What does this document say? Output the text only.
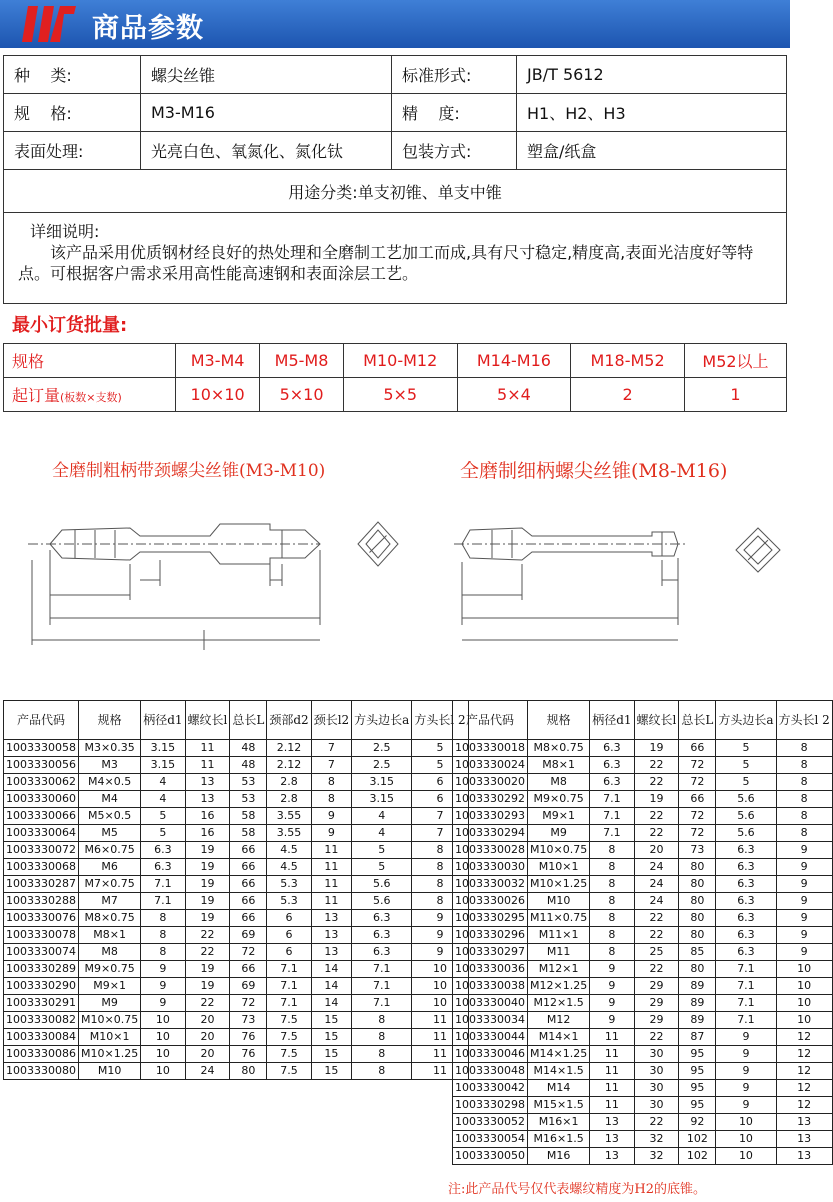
商品参数
种    类:	螺尖丝锥	标准形式:	JB/T 5612
规    格:	M3-M16	精    度:	H1、H2、H3
表面处理:	光亮白色、氧氮化、氮化钛	包装方式:	塑盒/纸盒
用途分类:单支初锥、单支中锥			

详细说明:
该产品采用优质钢材经良好的热处理和全磨制工艺加工而成,具有尺寸稳定,精度高,表面光洁度好等特点。可根据客户需求采用高性能高速钢和表面涂层工艺。			
最小订货批量:
规格	M3-M4	M5-M8	M10-M12	M14-M16	M18-M52	M52以上
起订量(板数×支数)	10×10	5×10	5×5	5×4	2	1
全磨制粗柄带颈螺尖丝锥(M3-M10)	全磨制细柄螺尖丝锥(M8-M16)
产品代码	规格	柄径d1	螺纹长l	总长L	颈部d2	颈长l2	方头边长a	方头长l 2
1003330058	M3×0.35	3.15	11	48	2.12	7	2.5	5
1003330056	M3	3.15	11	48	2.12	7	2.5	5
1003330062	M4×0.5	4	13	53	2.8	8	3.15	6
1003330060	M4	4	13	53	2.8	8	3.15	6
1003330066	M5×0.5	5	16	58	3.55	9	4	7
1003330064	M5	5	16	58	3.55	9	4	7
1003330072	M6×0.75	6.3	19	66	4.5	11	5	8
1003330068	M6	6.3	19	66	4.5	11	5	8
1003330287	M7×0.75	7.1	19	66	5.3	11	5.6	8
1003330288	M7	7.1	19	66	5.3	11	5.6	8
1003330076	M8×0.75	8	19	66	6	13	6.3	9
1003330078	M8×1	8	22	69	6	13	6.3	9
1003330074	M8	8	22	72	6	13	6.3	9
1003330289	M9×0.75	9	19	66	7.1	14	7.1	10
1003330290	M9×1	9	19	69	7.1	14	7.1	10
1003330291	M9	9	22	72	7.1	14	7.1	10
1003330082	M10×0.75	10	20	73	7.5	15	8	11
1003330084	M10×1	10	20	76	7.5	15	8	11
1003330086	M10×1.25	10	20	76	7.5	15	8	11
1003330080	M10	10	24	80	7.5	15	8	11
产品代码	规格	柄径d1	螺纹长l	总长L	方头边长a	方头长l 2
1003330018	M8×0.75	6.3	19	66	5	8
1003330024	M8×1	6.3	22	72	5	8
1003330020	M8	6.3	22	72	5	8
1003330292	M9×0.75	7.1	19	66	5.6	8
1003330293	M9×1	7.1	22	72	5.6	8
1003330294	M9	7.1	22	72	5.6	8
1003330028	M10×0.75	8	20	73	6.3	9
1003330030	M10×1	8	24	80	6.3	9
1003330032	M10×1.25	8	24	80	6.3	9
1003330026	M10	8	24	80	6.3	9
1003330295	M11×0.75	8	22	80	6.3	9
1003330296	M11×1	8	22	80	6.3	9
1003330297	M11	8	25	85	6.3	9
1003330036	M12×1	9	22	80	7.1	10
1003330038	M12×1.25	9	29	89	7.1	10
1003330040	M12×1.5	9	29	89	7.1	10
1003330034	M12	9	29	89	7.1	10
1003330044	M14×1	11	22	87	9	12
1003330046	M14×1.25	11	30	95	9	12
1003330048	M14×1.5	11	30	95	9	12
1003330042	M14	11	30	95	9	12
1003330298	M15×1.5	11	30	95	9	12
1003330052	M16×1	13	22	92	10	13
1003330054	M16×1.5	13	32	102	10	13
1003330050	M16	13	32	102	10	13
注:此产品代号仅代表螺纹精度为H2的底锥。
